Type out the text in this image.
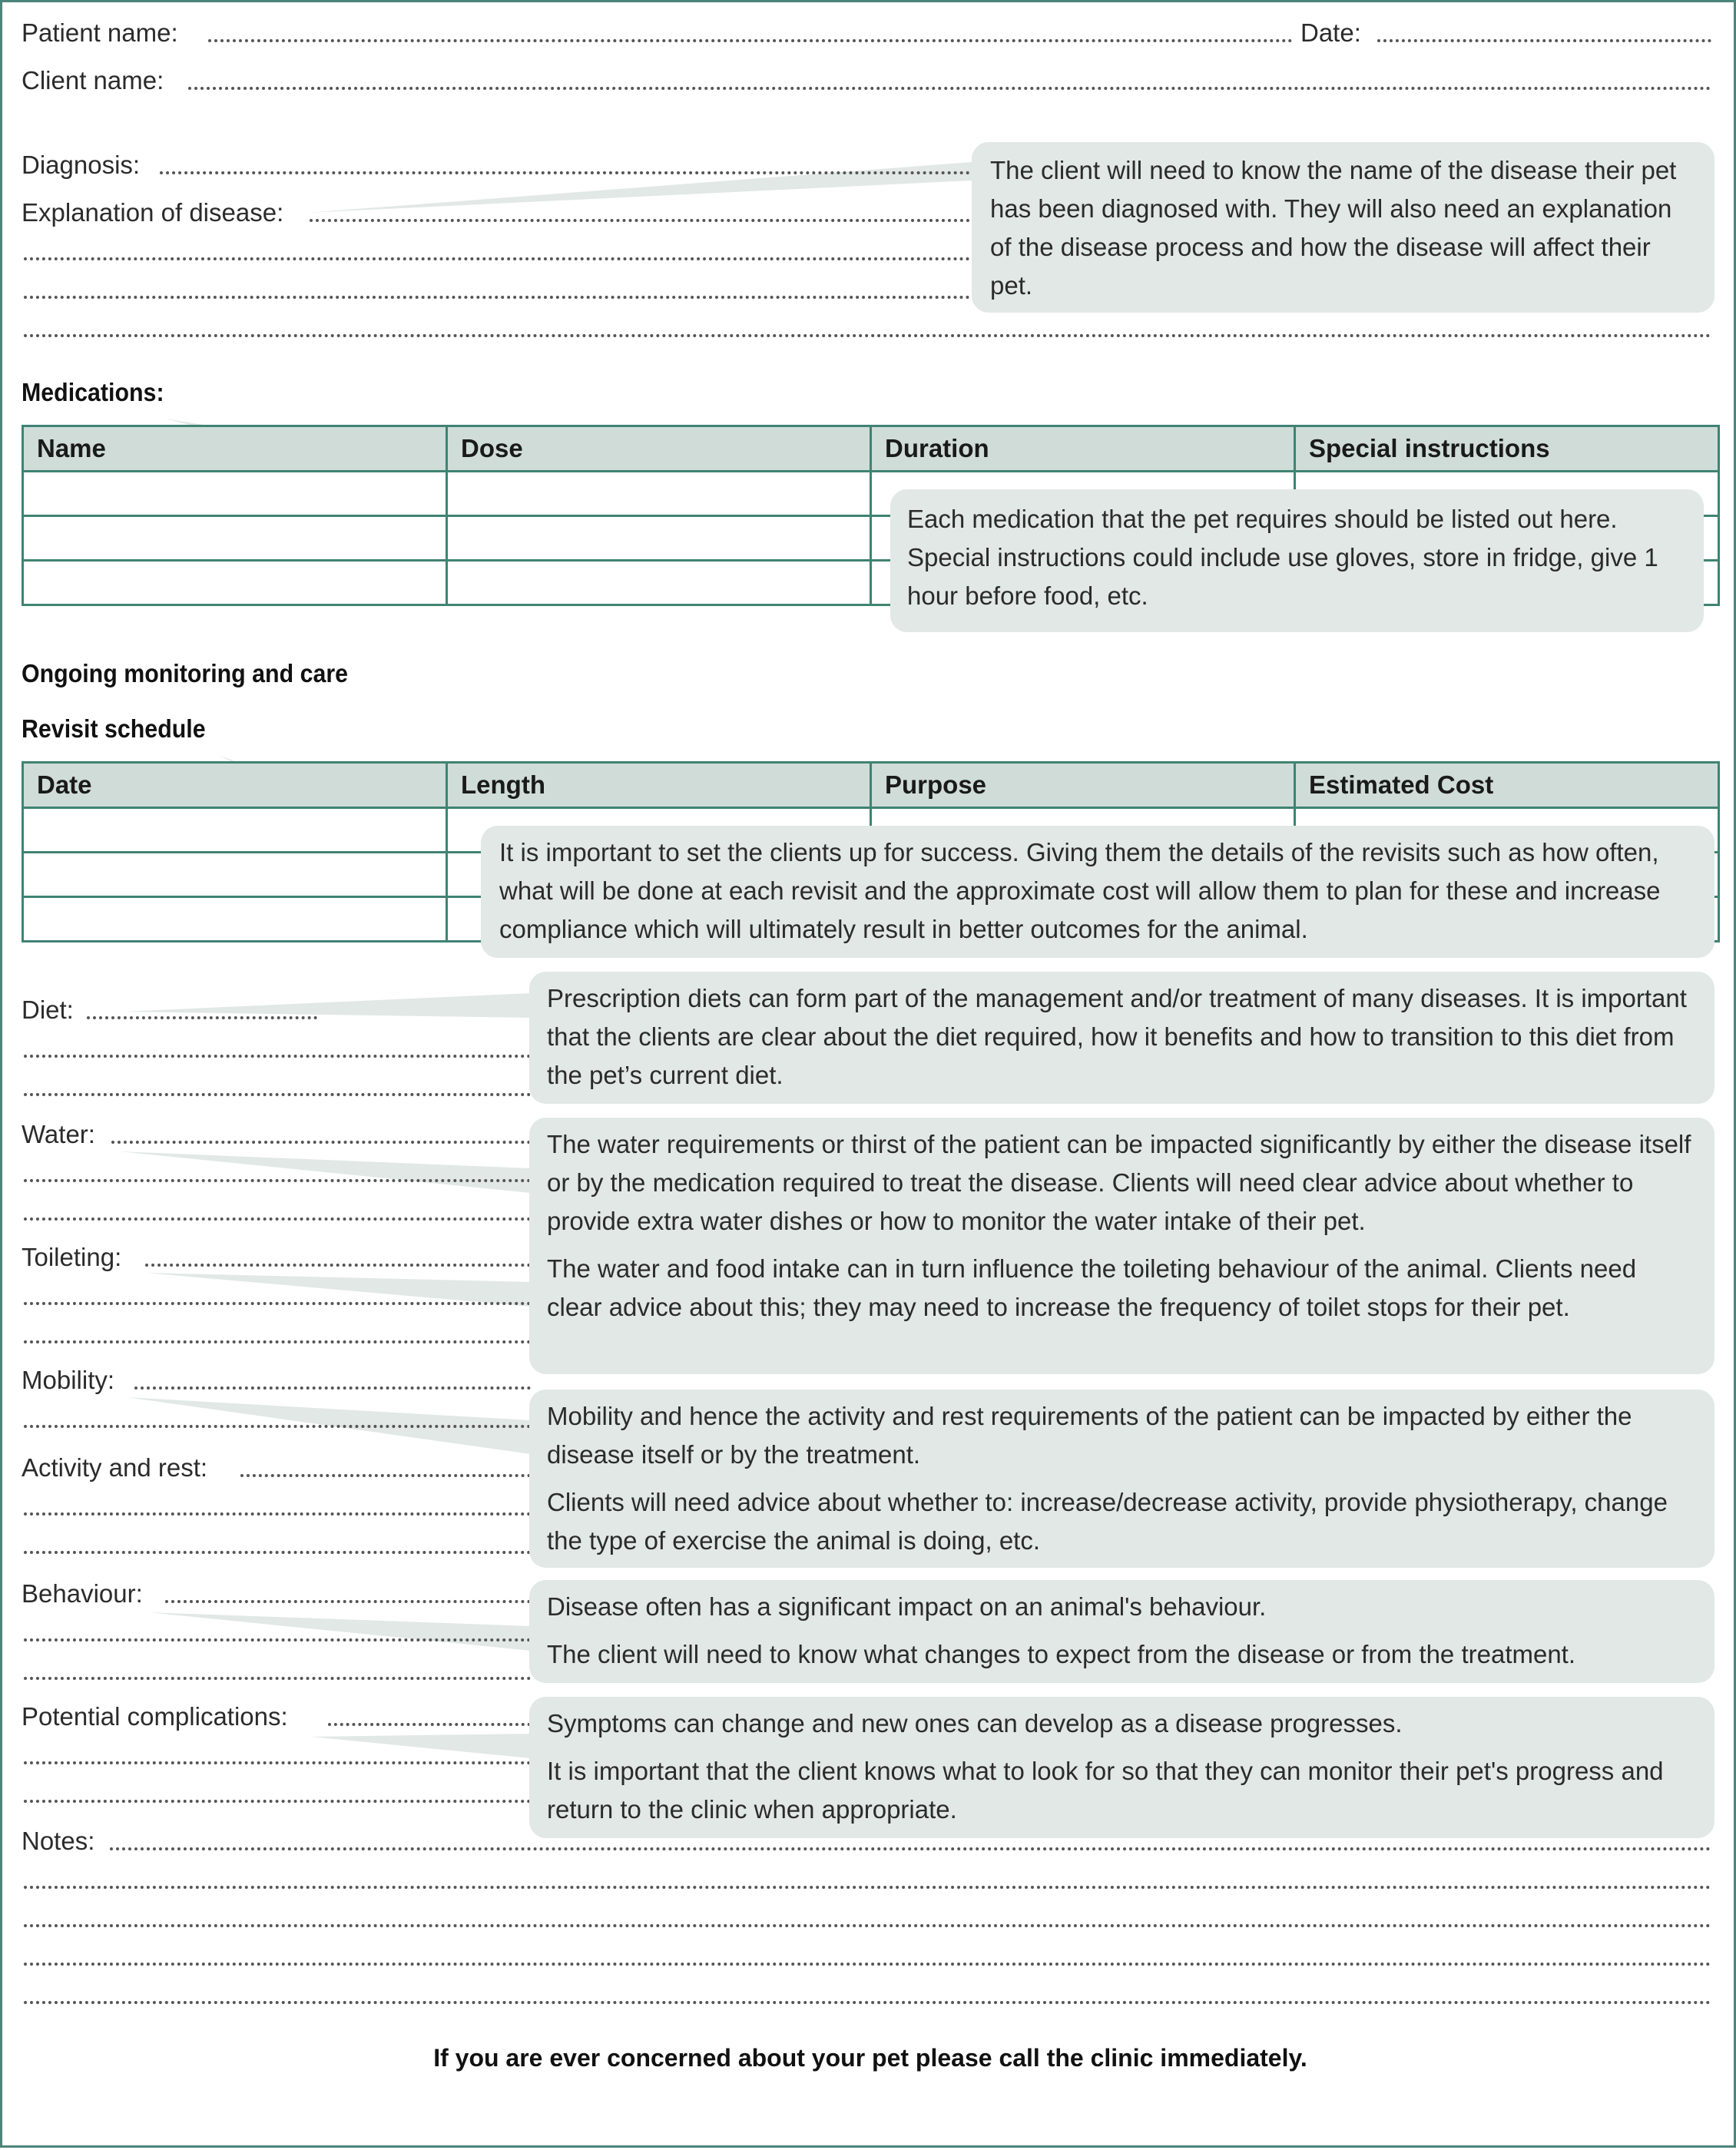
Patient name:	Date:
Client name:
Diagnosis:
Explanation of disease:

The client will need to know the name of the disease their pet has been diagnosed with. They will also need an explanation of the disease process and how the disease will affect their pet.

Medications:
Name	Dose	Duration	Special instructions

Each medication that the pet requires should be listed out here. Special instructions could include use gloves, store in fridge, give 1 hour before food, etc.

Ongoing monitoring and care
Revisit schedule
Date	Length	Purpose	Estimated Cost

It is important to set the clients up for success. Giving them the details of the revisits such as how often, what will be done at each revisit and the approximate cost will allow them to plan for these and increase compliance which will ultimately result in better outcomes for the animal.

Diet:	Prescription diets can form part of the management and/or treatment of many diseases. It is important that the clients are clear about the diet required, how it benefits and how to transition to this diet from the pet’s current diet.

Water:
Toileting:

The water requirements or thirst of the patient can be impacted significantly by either the disease itself or by the medication required to treat the disease. Clients will need clear advice about whether to provide extra water dishes or how to monitor the water intake of their pet.

The water and food intake can in turn influence the toileting behaviour of the animal. Clients need clear advice about this; they may need to increase the frequency of toilet stops for their pet.

Mobility:
Activity and rest:

Mobility and hence the activity and rest requirements of the patient can be impacted by either the disease itself or by the treatment.

Clients will need advice about whether to: increase/decrease activity, provide physiotherapy, change the type of exercise the animal is doing, etc.

Behaviour:	Disease often has a significant impact on an animal's behaviour.

The client will need to know what changes to expect from the disease or from the treatment.

Potential complications:	Symptoms can change and new ones can develop as a disease progresses.

It is important that the client knows what to look for so that they can monitor their pet's progress and return to the clinic when appropriate.

Notes:
If you are ever concerned about your pet please call the clinic immediately.
